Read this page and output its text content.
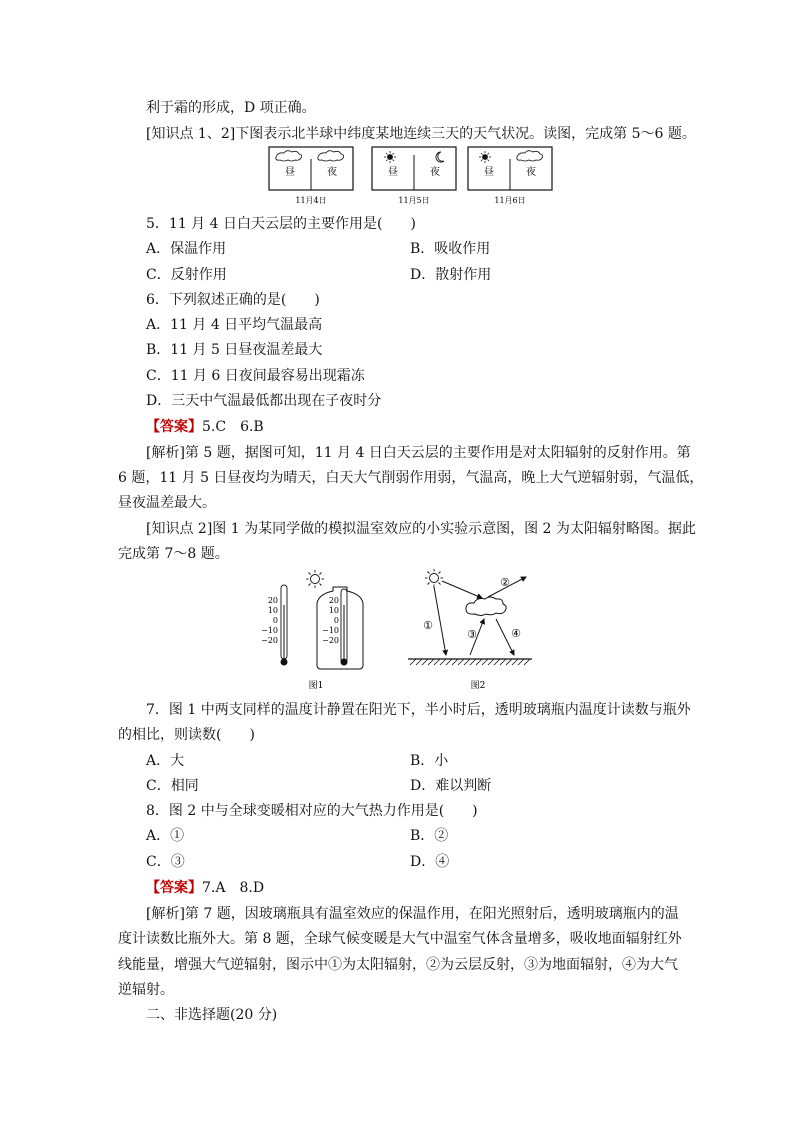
利于霜的形成，D 项正确。
[知识点 1、2]下图表示北半球中纬度某地连续三天的天气状况。读图，完成第 5～6 题。
昼	夜
11月4日
昼	夜
11月5日
昼	夜
11月6日
5．11 月 4 日白天云层的主要作用是(　　)
A．保温作用	B．吸收作用
C．反射作用	D．散射作用
6．下列叙述正确的是(　　)
A．11 月 4 日平均气温最高
B．11 月 5 日昼夜温差最大
C．11 月 6 日夜间最容易出现霜冻
D．三天中气温最低都出现在子夜时分
【答案】5.C　6.B
[解析]第 5 题，据图可知，11 月 4 日白天云层的主要作用是对太阳辐射的反射作用。第
6 题，11 月 5 日昼夜均为晴天，白天大气削弱作用弱，气温高，晚上大气逆辐射弱，气温低，
昼夜温差最大。
[知识点 2]图 1 为某同学做的模拟温室效应的小实验示意图，图 2 为太阳辐射略图。据此
完成第 7～8 题。
20
10
0
−10
−20
20
10
0
−10
−20
图1
①
②
③	④
图2
7．图 1 中两支同样的温度计静置在阳光下，半小时后，透明玻璃瓶内温度计读数与瓶外
的相比，则读数(　　)
A．大	B．小
C．相同	D．难以判断
8．图 2 中与全球变暖相对应的大气热力作用是(　　)
A．①	B．②
C．③	D．④
【答案】7.A　8.D
[解析]第 7 题，因玻璃瓶具有温室效应的保温作用，在阳光照射后，透明玻璃瓶内的温
度计读数比瓶外大。第 8 题，全球气候变暖是大气中温室气体含量增多，吸收地面辐射红外
线能量，增强大气逆辐射，图示中①为太阳辐射，②为云层反射，③为地面辐射，④为大气
逆辐射。
二、非选择题(20 分)
